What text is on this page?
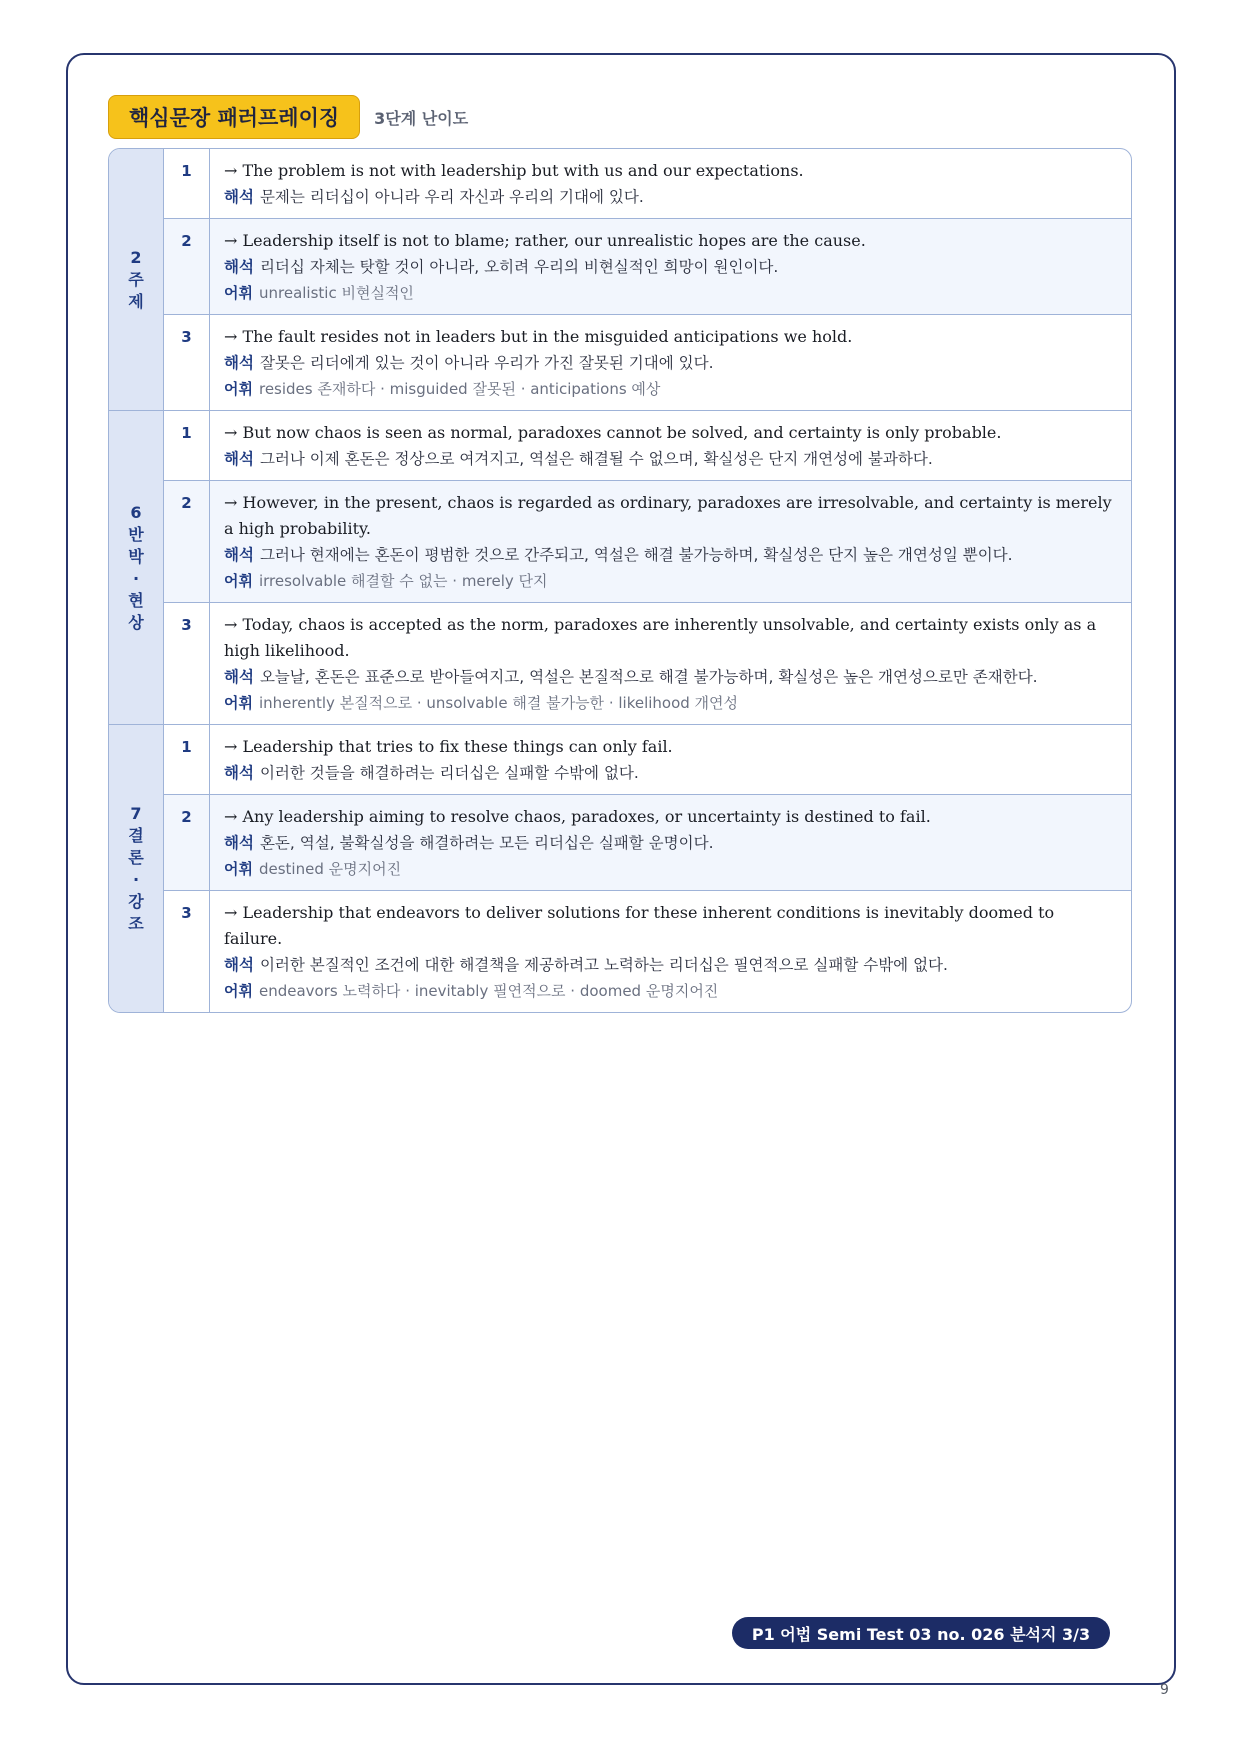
핵심문장 패러프레이징	3단계 난이도
2주제
1	→ The problem is not with leadership but with us and our expectations.
해석 문제는 리더십이 아니라 우리 자신과 우리의 기대에 있다.
2	→ Leadership itself is not to blame; rather, our unrealistic hopes are the cause.
해석 리더십 자체는 탓할 것이 아니라, 오히려 우리의 비현실적인 희망이 원인이다.
어휘 unrealistic 비현실적인
3	→ The fault resides not in leaders but in the misguided anticipations we hold.
해석 잘못은 리더에게 있는 것이 아니라 우리가 가진 잘못된 기대에 있다.
어휘 resides 존재하다 · misguided 잘못된 · anticipations 예상
6반박·현상
1	→ But now chaos is seen as normal, paradoxes cannot be solved, and certainty is only probable.
해석 그러나 이제 혼돈은 정상으로 여겨지고, 역설은 해결될 수 없으며, 확실성은 단지 개연성에 불과하다.
2	→ However, in the present, chaos is regarded as ordinary, paradoxes are irresolvable, and certainty is merely a high probability.
해석 그러나 현재에는 혼돈이 평범한 것으로 간주되고, 역설은 해결 불가능하며, 확실성은 단지 높은 개연성일 뿐이다.
어휘 irresolvable 해결할 수 없는 · merely 단지
3	→ Today, chaos is accepted as the norm, paradoxes are inherently unsolvable, and certainty exists only as a high likelihood.
해석 오늘날, 혼돈은 표준으로 받아들여지고, 역설은 본질적으로 해결 불가능하며, 확실성은 높은 개연성으로만 존재한다.
어휘 inherently 본질적으로 · unsolvable 해결 불가능한 · likelihood 개연성
7결론·강조
1	→ Leadership that tries to fix these things can only fail.
해석 이러한 것들을 해결하려는 리더십은 실패할 수밖에 없다.
2	→ Any leadership aiming to resolve chaos, paradoxes, or uncertainty is destined to fail.
해석 혼돈, 역설, 불확실성을 해결하려는 모든 리더십은 실패할 운명이다.
어휘 destined 운명지어진
3	→ Leadership that endeavors to deliver solutions for these inherent conditions is inevitably doomed to failure.
해석 이러한 본질적인 조건에 대한 해결책을 제공하려고 노력하는 리더십은 필연적으로 실패할 수밖에 없다.
어휘 endeavors 노력하다 · inevitably 필연적으로 · doomed 운명지어진
P1 어법 Semi Test 03 no. 026 분석지 3/3
9
